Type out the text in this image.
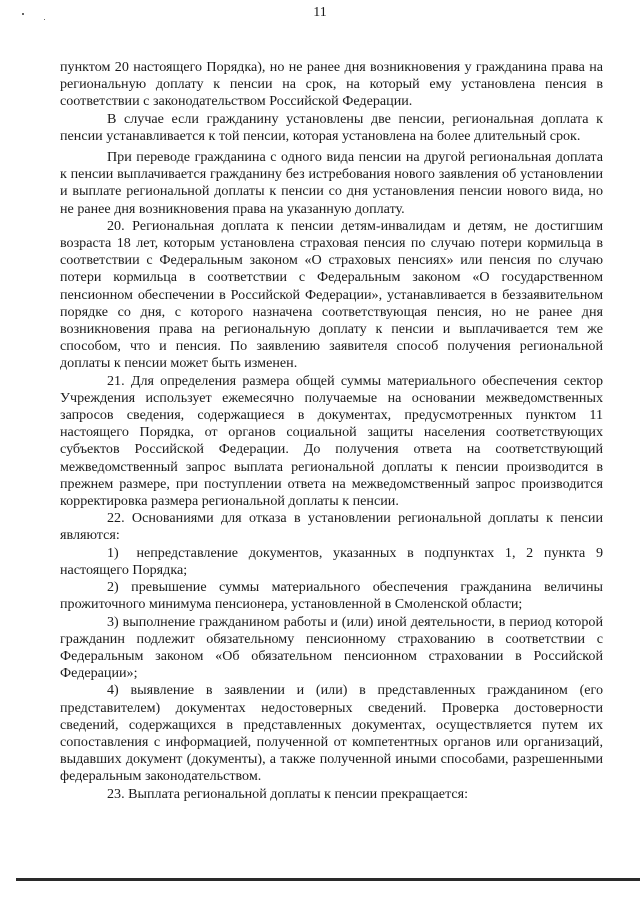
11

пунктом 20 настоящего Порядка), но не ранее дня возникновения у гражданина права на региональную доплату к пенсии на срок, на который ему установлена пенсия в соответствии с законодательством Российской Федерации.

В случае если гражданину установлены две пенсии, региональная доплата к пенсии устанавливается к той пенсии, которая установлена на более длительный срок.

При переводе гражданина с одного вида пенсии на другой региональная доплата к пенсии выплачивается гражданину без истребования нового заявления об установлении и выплате региональной доплаты к пенсии со дня установления пенсии нового вида, но не ранее дня возникновения права на указанную доплату.

20. Региональная доплата к пенсии детям-инвалидам и детям, не достигшим возраста 18 лет, которым установлена страховая пенсия по случаю потери кормильца в соответствии с Федеральным законом «О страховых пенсиях» или пенсия по случаю потери кормильца в соответствии с Федеральным законом «О государственном пенсионном обеспечении в Российской Федерации», устанавливается в беззаявительном порядке со дня, с которого назначена соответствующая пенсия, но не ранее дня возникновения права на региональную доплату к пенсии и выплачивается тем же способом, что и пенсия. По заявлению заявителя способ получения региональной доплаты к пенсии может быть изменен.

21. Для определения размера общей суммы материального обеспечения сектор Учреждения использует ежемесячно получаемые на основании межведомственных запросов сведения, содержащиеся в документах, предусмотренных пунктом 11 настоящего Порядка, от органов социальной защиты населения соответствующих субъектов Российской Федерации. До получения ответа на соответствующий межведомственный запрос выплата региональной доплаты к пенсии производится в прежнем размере, при поступлении ответа на межведомственный запрос производится корректировка размера региональной доплаты к пенсии.

22. Основаниями для отказа в установлении региональной доплаты к пенсии являются:

1)  непредставление документов, указанных в подпунктах 1, 2 пункта 9 настоящего Порядка;

2) превышение суммы материального обеспечения гражданина величины прожиточного минимума пенсионера, установленной в Смоленской области;

3) выполнение гражданином работы и (или) иной деятельности, в период которой гражданин подлежит обязательному пенсионному страхованию в соответствии с Федеральным законом «Об обязательном пенсионном страховании в Российской Федерации»;

4) выявление в заявлении и (или) в представленных гражданином (его представителем) документах недостоверных сведений. Проверка достоверности сведений, содержащихся в представленных документах, осуществляется путем их сопоставления с информацией, полученной от компетентных органов или организаций, выдавших документ (документы), а также полученной иными способами, разрешенными федеральным законодательством.

23. Выплата региональной доплаты к пенсии прекращается:
